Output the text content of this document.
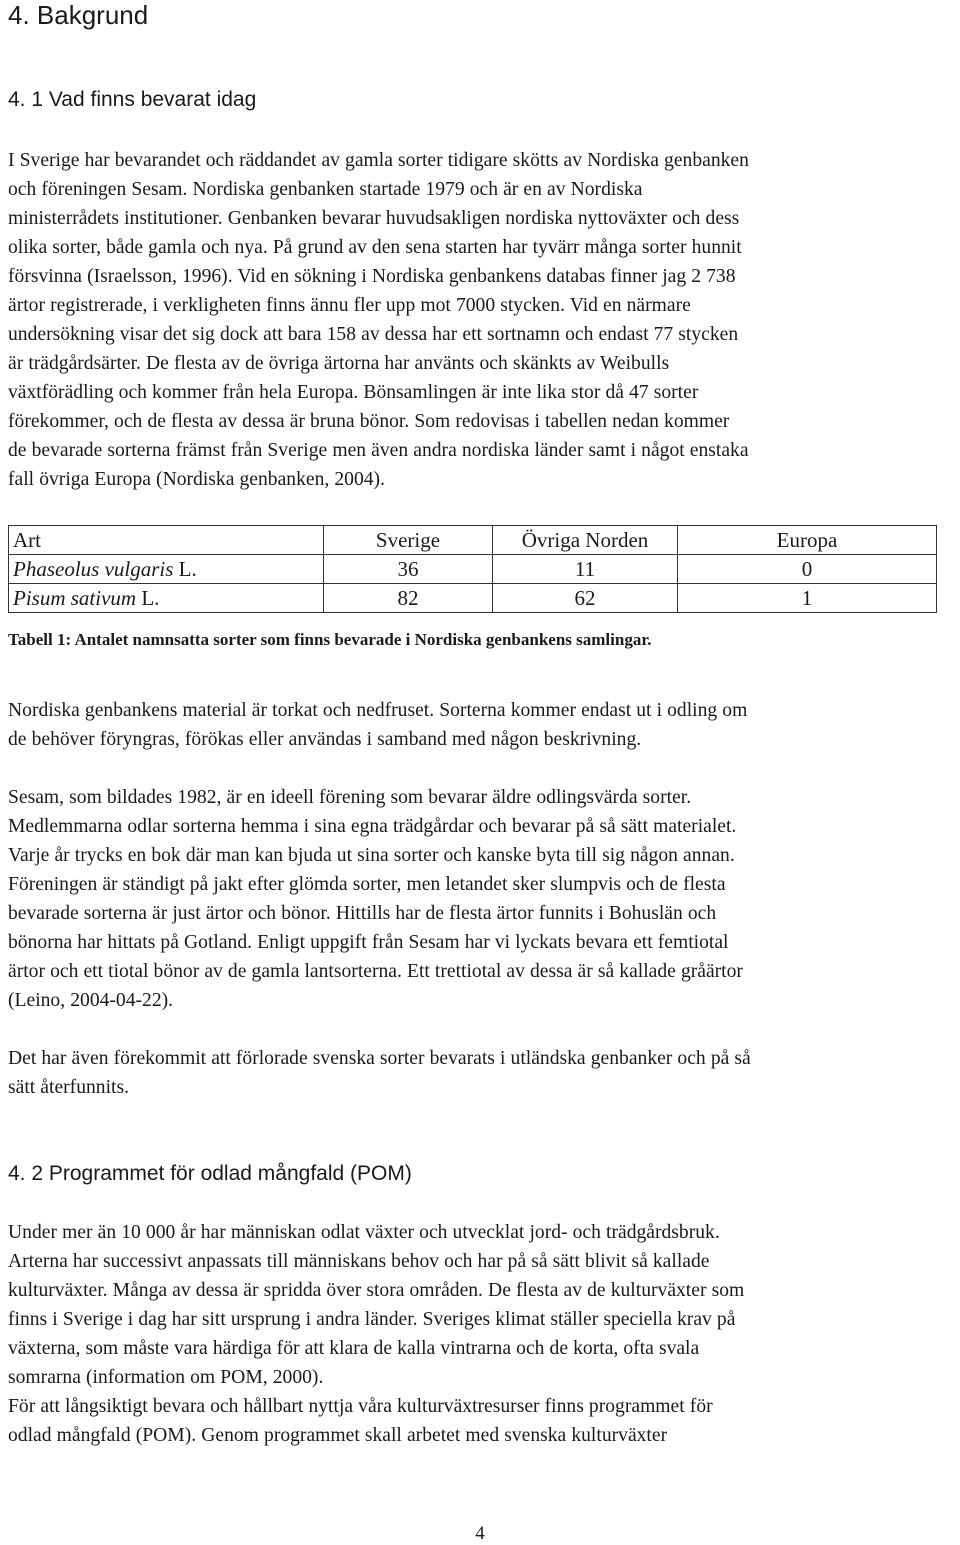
4. Bakgrund
4. 1 Vad finns bevarat idag
I Sverige har bevarandet och räddandet av gamla sorter tidigare skötts av Nordiska genbanken
och föreningen Sesam. Nordiska genbanken startade 1979 och är en av Nordiska
ministerrådets institutioner. Genbanken bevarar huvudsakligen nordiska nyttoväxter och dess
olika sorter, både gamla och nya. På grund av den sena starten har tyvärr många sorter hunnit
försvinna (Israelsson, 1996). Vid en sökning i Nordiska genbankens databas finner jag 2 738
ärtor registrerade, i verkligheten finns ännu fler upp mot 7000 stycken. Vid en närmare
undersökning visar det sig dock att bara 158 av dessa har ett sortnamn och endast 77 stycken
är trädgårdsärter. De flesta av de övriga ärtorna har använts och skänkts av Weibulls
växtförädling och kommer från hela Europa. Bönsamlingen är inte lika stor då 47 sorter
förekommer, och de flesta av dessa är bruna bönor. Som redovisas i tabellen nedan kommer
de bevarade sorterna främst från Sverige men även andra nordiska länder samt i något enstaka
fall övriga Europa (Nordiska genbanken, 2004).
Art	Sverige	Övriga Norden	Europa
Phaseolus vulgaris L.	36	11	0
Pisum sativum L.	82	62	1
Tabell 1: Antalet namnsatta sorter som finns bevarade i Nordiska genbankens samlingar.
Nordiska genbankens material är torkat och nedfruset. Sorterna kommer endast ut i odling om
de behöver föryngras, förökas eller användas i samband med någon beskrivning.
Sesam, som bildades 1982, är en ideell förening som bevarar äldre odlingsvärda sorter.
Medlemmarna odlar sorterna hemma i sina egna trädgårdar och bevarar på så sätt materialet.
Varje år trycks en bok där man kan bjuda ut sina sorter och kanske byta till sig någon annan.
Föreningen är ständigt på jakt efter glömda sorter, men letandet sker slumpvis och de flesta
bevarade sorterna är just ärtor och bönor. Hittills har de flesta ärtor funnits i Bohuslän och
bönorna har hittats på Gotland. Enligt uppgift från Sesam har vi lyckats bevara ett femtiotal
ärtor och ett tiotal bönor av de gamla lantsorterna. Ett trettiotal av dessa är så kallade gråärtor
(Leino, 2004-04-22).
Det har även förekommit att förlorade svenska sorter bevarats i utländska genbanker och på så
sätt återfunnits.
4. 2 Programmet för odlad mångfald (POM)
Under mer än 10 000 år har människan odlat växter och utvecklat jord- och trädgårdsbruk.
Arterna har successivt anpassats till människans behov och har på så sätt blivit så kallade
kulturväxter. Många av dessa är spridda över stora områden. De flesta av de kulturväxter som
finns i Sverige i dag har sitt ursprung i andra länder. Sveriges klimat ställer speciella krav på
växterna, som måste vara härdiga för att klara de kalla vintrarna och de korta, ofta svala
somrarna (information om POM, 2000).
För att långsiktigt bevara och hållbart nyttja våra kulturväxtresurser finns programmet för
odlad mångfald (POM). Genom programmet skall arbetet med svenska kulturväxter
4
